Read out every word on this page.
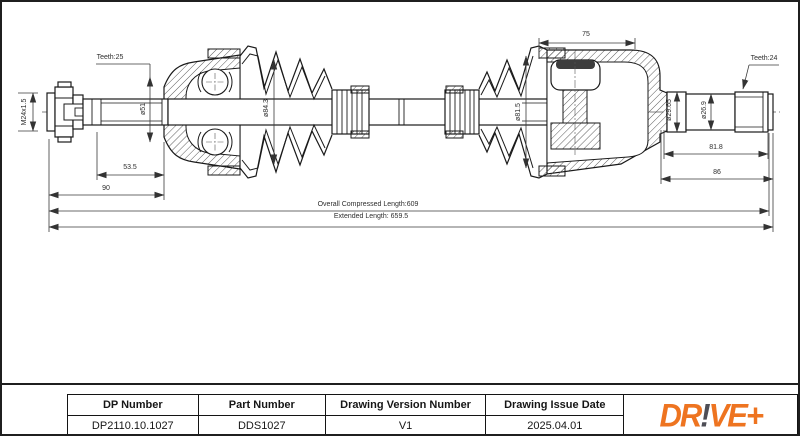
Teeth:25
M24x1.5	ø51	ø84.3
75
ø81.5
Teeth:24
ø29.65	ø26.9
81.8
86
53.5
90
Overall Compressed Length:609
Extended Length: 659.5
DP Number	Part Number	Drawing Version Number	Drawing Issue Date	DR ! VE+

DP2110.10.1027	DDS1027	V1	2025.04.01	
